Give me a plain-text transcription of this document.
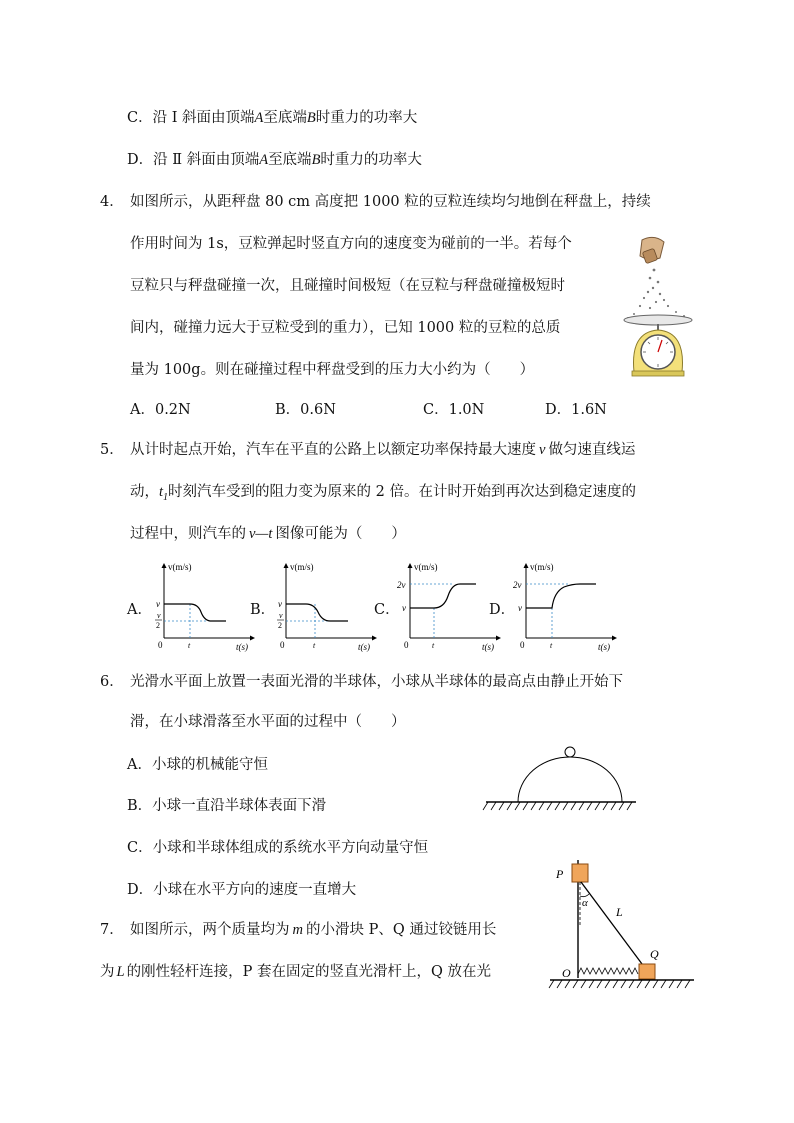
C．沿 Ⅰ 斜面由顶端A至底端B时重力的功率大
D．沿 Ⅱ 斜面由顶端A至底端B时重力的功率大
4． 如图所示，从距秤盘 80 cm 高度把 1000 粒的豆粒连续均匀地倒在秤盘上，持续
作用时间为 1s，豆粒弹起时竖直方向的速度变为碰前的一半。若每个
豆粒只与秤盘碰撞一次，且碰撞时间极短（在豆粒与秤盘碰撞极短时
间内，碰撞力远大于豆粒受到的重力），已知 1000 粒的豆粒的总质
量为 100g。则在碰撞过程中秤盘受到的压力大小约为（　　）
A．0.2N	B．0.6N	C．1.0N	D．1.6N
5． 从计时起点开始，汽车在平直的公路上以额定功率保持最大速度 v 做匀速直线运
动，$t_1$时刻汽车受到的阻力变为原来的 2 倍。在计时开始到再次达到稳定速度的
过程中，则汽车的 v—t 图像可能为（　　）
A．	B．	C．	D．
v(m/s)
t(s)
0
v
v
2
t
v(m/s)
t(s)
0
v
v
2
t
v(m/s)
t(s)
0
2v
v
t
v(m/s)
t(s)
0
2v
v
t
6． 光滑水平面上放置一表面光滑的半球体，小球从半球体的最高点由静止开始下
滑，在小球滑落至水平面的过程中（　　）
A．小球的机械能守恒
B．小球一直沿半球体表面下滑
C．小球和半球体组成的系统水平方向动量守恒
D．小球在水平方向的速度一直增大
7． 如图所示，两个质量均为 m 的小滑块 P、Q 通过铰链用长
为 L 的刚性轻杆连接，P 套在固定的竖直光滑杆上，Q 放在光
P
α
L
Q
O
